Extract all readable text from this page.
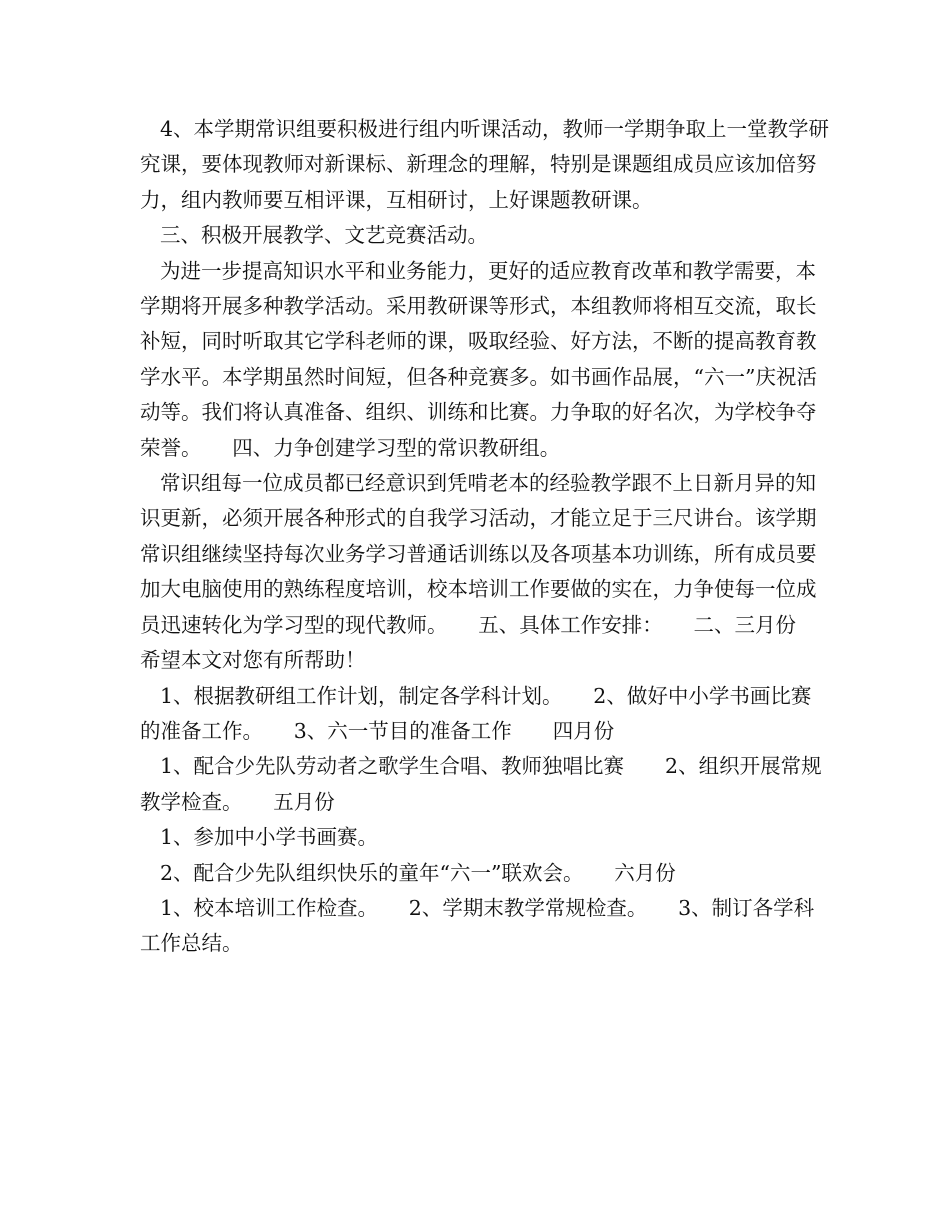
4、本学期常识组要积极进行组内听课活动，教师一学期争取上一堂教学研究课，要体现教师对新课标、新理念的理解，特别是课题组成员应该加倍努力，组内教师要互相评课，互相研讨，上好课题教研课。

三、积极开展教学、文艺竞赛活动。

为进一步提高知识水平和业务能力，更好的适应教育改革和教学需要，本学期将开展多种教学活动。采用教研课等形式，本组教师将相互交流，取长补短，同时听取其它学科老师的课，吸取经验、好方法，不断的提高教育教学水平。本学期虽然时间短，但各种竞赛多。如书画作品展，“六一”庆祝活动等。我们将认真准备、组织、训练和比赛。力争取的好名次，为学校争夺荣誉。　　四、力争创建学习型的常识教研组。

常识组每一位成员都已经意识到凭啃老本的经验教学跟不上日新月异的知识更新，必须开展各种形式的自我学习活动，才能立足于三尺讲台。该学期常识组继续坚持每次业务学习普通话训练以及各项基本功训练，所有成员要加大电脑使用的熟练程度培训，校本培训工作要做的实在，力争使每一位成员迅速转化为学习型的现代教师。　　五、具体工作安排：　　二、三月份

希望本文对您有所帮助！

1、根据教研组工作计划，制定各学科计划。　　2、做好中小学书画比赛的准备工作。　　3、六一节目的准备工作　　四月份

1、配合少先队劳动者之歌学生合唱、教师独唱比赛　　2、组织开展常规教学检查。　　五月份

1、参加中小学书画赛。

2、配合少先队组织快乐的童年“六一”联欢会。　　六月份

1、校本培训工作检查。　　2、学期末教学常规检查。　　3、制订各学科工作总结。
